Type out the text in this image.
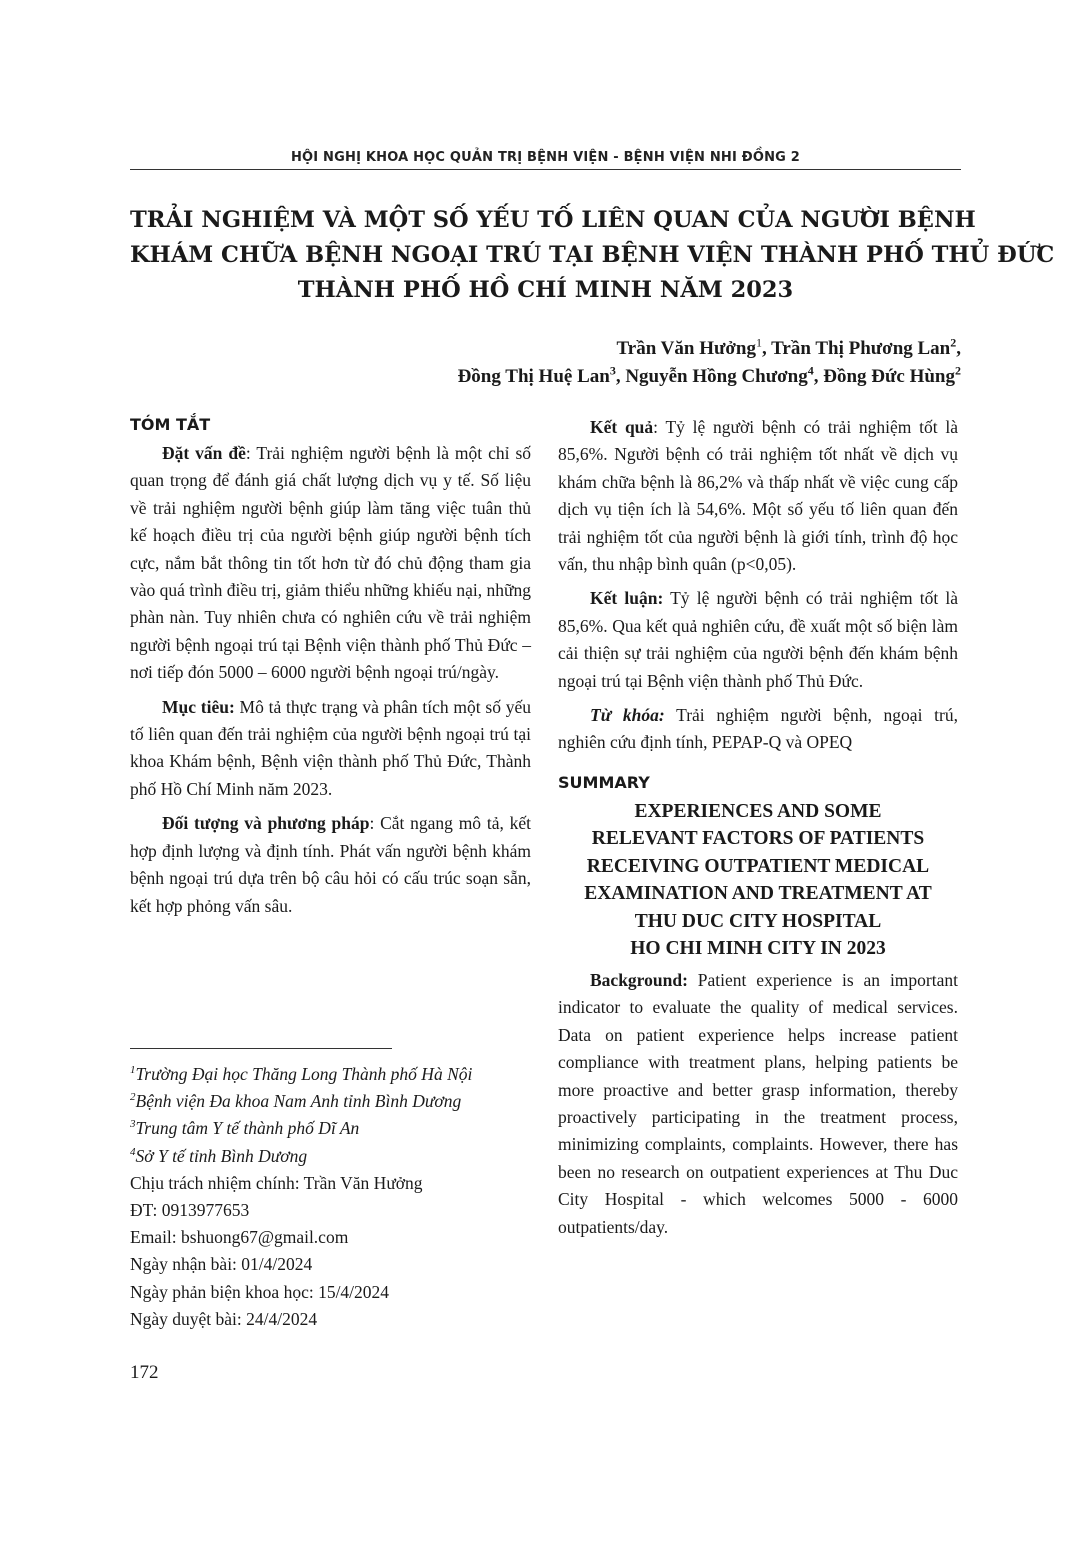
HỘI NGHỊ KHOA HỌC QUẢN TRỊ BỆNH VIỆN - BỆNH VIỆN NHI ĐỒNG 2
TRẢI NGHIỆM VÀ MỘT SỐ YẾU TỐ LIÊN QUAN CỦA NGƯỜI BỆNH
KHÁM CHỮA BỆNH NGOẠI TRÚ TẠI BỆNH VIỆN THÀNH PHỐ THỦ ĐỨC
THÀNH PHỐ HỒ CHÍ MINH NĂM 2023
Trần Văn Hưởng$^1$, Trần Thị Phương Lan$^2$,
Đồng Thị Huệ Lan$^3$, Nguyễn Hồng Chương$^4$, Đồng Đức Hùng$^2$
TÓM TẮT

Đặt vấn đề: Trải nghiệm người bệnh là một chỉ số quan trọng để đánh giá chất lượng dịch vụ y tế. Số liệu về trải nghiệm người bệnh giúp làm tăng việc tuân thủ kế hoạch điều trị của người bệnh giúp người bệnh tích cực, nắm bắt thông tin tốt hơn từ đó chủ động tham gia vào quá trình điều trị, giảm thiểu những khiếu nại, những phàn nàn. Tuy nhiên chưa có nghiên cứu về trải nghiệm người bệnh ngoại trú tại Bệnh viện thành phố Thủ Đức – nơi tiếp đón 5000 – 6000 người bệnh ngoại trú/ngày.

Mục tiêu: Mô tả thực trạng và phân tích một số yếu tố liên quan đến trải nghiệm của người bệnh ngoại trú tại khoa Khám bệnh, Bệnh viện thành phố Thủ Đức, Thành phố Hồ Chí Minh năm 2023.

Đối tượng và phương pháp: Cắt ngang mô tả, kết hợp định lượng và định tính. Phát vấn người bệnh khám bệnh ngoại trú dựa trên bộ câu hỏi có cấu trúc soạn sẵn, kết hợp phỏng vấn sâu.

$^1$Trường Đại học Thăng Long Thành phố Hà Nội
$^2$Bệnh viện Đa khoa Nam Anh tỉnh Bình Dương
$^3$Trung tâm Y tế thành phố Dĩ An
$^4$Sở Y tế tỉnh Bình Dương
Chịu trách nhiệm chính: Trần Văn Hưởng
ĐT: 0913977653
Email: bshuong67@gmail.com
Ngày nhận bài: 01/4/2024
Ngày phản biện khoa học: 15/4/2024
Ngày duyệt bài: 24/4/2024

Kết quả: Tỷ lệ người bệnh có trải nghiệm tốt là 85,6%. Người bệnh có trải nghiệm tốt nhất về dịch vụ khám chữa bệnh là 86,2% và thấp nhất về việc cung cấp dịch vụ tiện ích là 54,6%. Một số yếu tố liên quan đến trải nghiệm tốt của người bệnh là giới tính, trình độ học vấn, thu nhập bình quân (p<0,05).

Kết luận: Tỷ lệ người bệnh có trải nghiệm tốt là 85,6%. Qua kết quả nghiên cứu, đề xuất một số biện làm cải thiện sự trải nghiệm của người bệnh đến khám bệnh ngoại trú tại Bệnh viện thành phố Thủ Đức.

Từ khóa: Trải nghiệm người bệnh, ngoại trú, nghiên cứu định tính, PEPAP-Q và OPEQ

SUMMARY
EXPERIENCES AND SOME
RELEVANT FACTORS OF PATIENTS
RECEIVING OUTPATIENT MEDICAL
EXAMINATION AND TREATMENT AT
THU DUC CITY HOSPITAL
HO CHI MINH CITY IN 2023

Background: Patient experience is an important indicator to evaluate the quality of medical services. Data on patient experience helps increase patient compliance with treatment plans, helping patients be more proactive and better grasp information, thereby proactively participating in the treatment process, minimizing complaints, complaints. However, there has been no research on outpatient experiences at Thu Duc City Hospital - which welcomes 5000 - 6000 outpatients/day.

172
